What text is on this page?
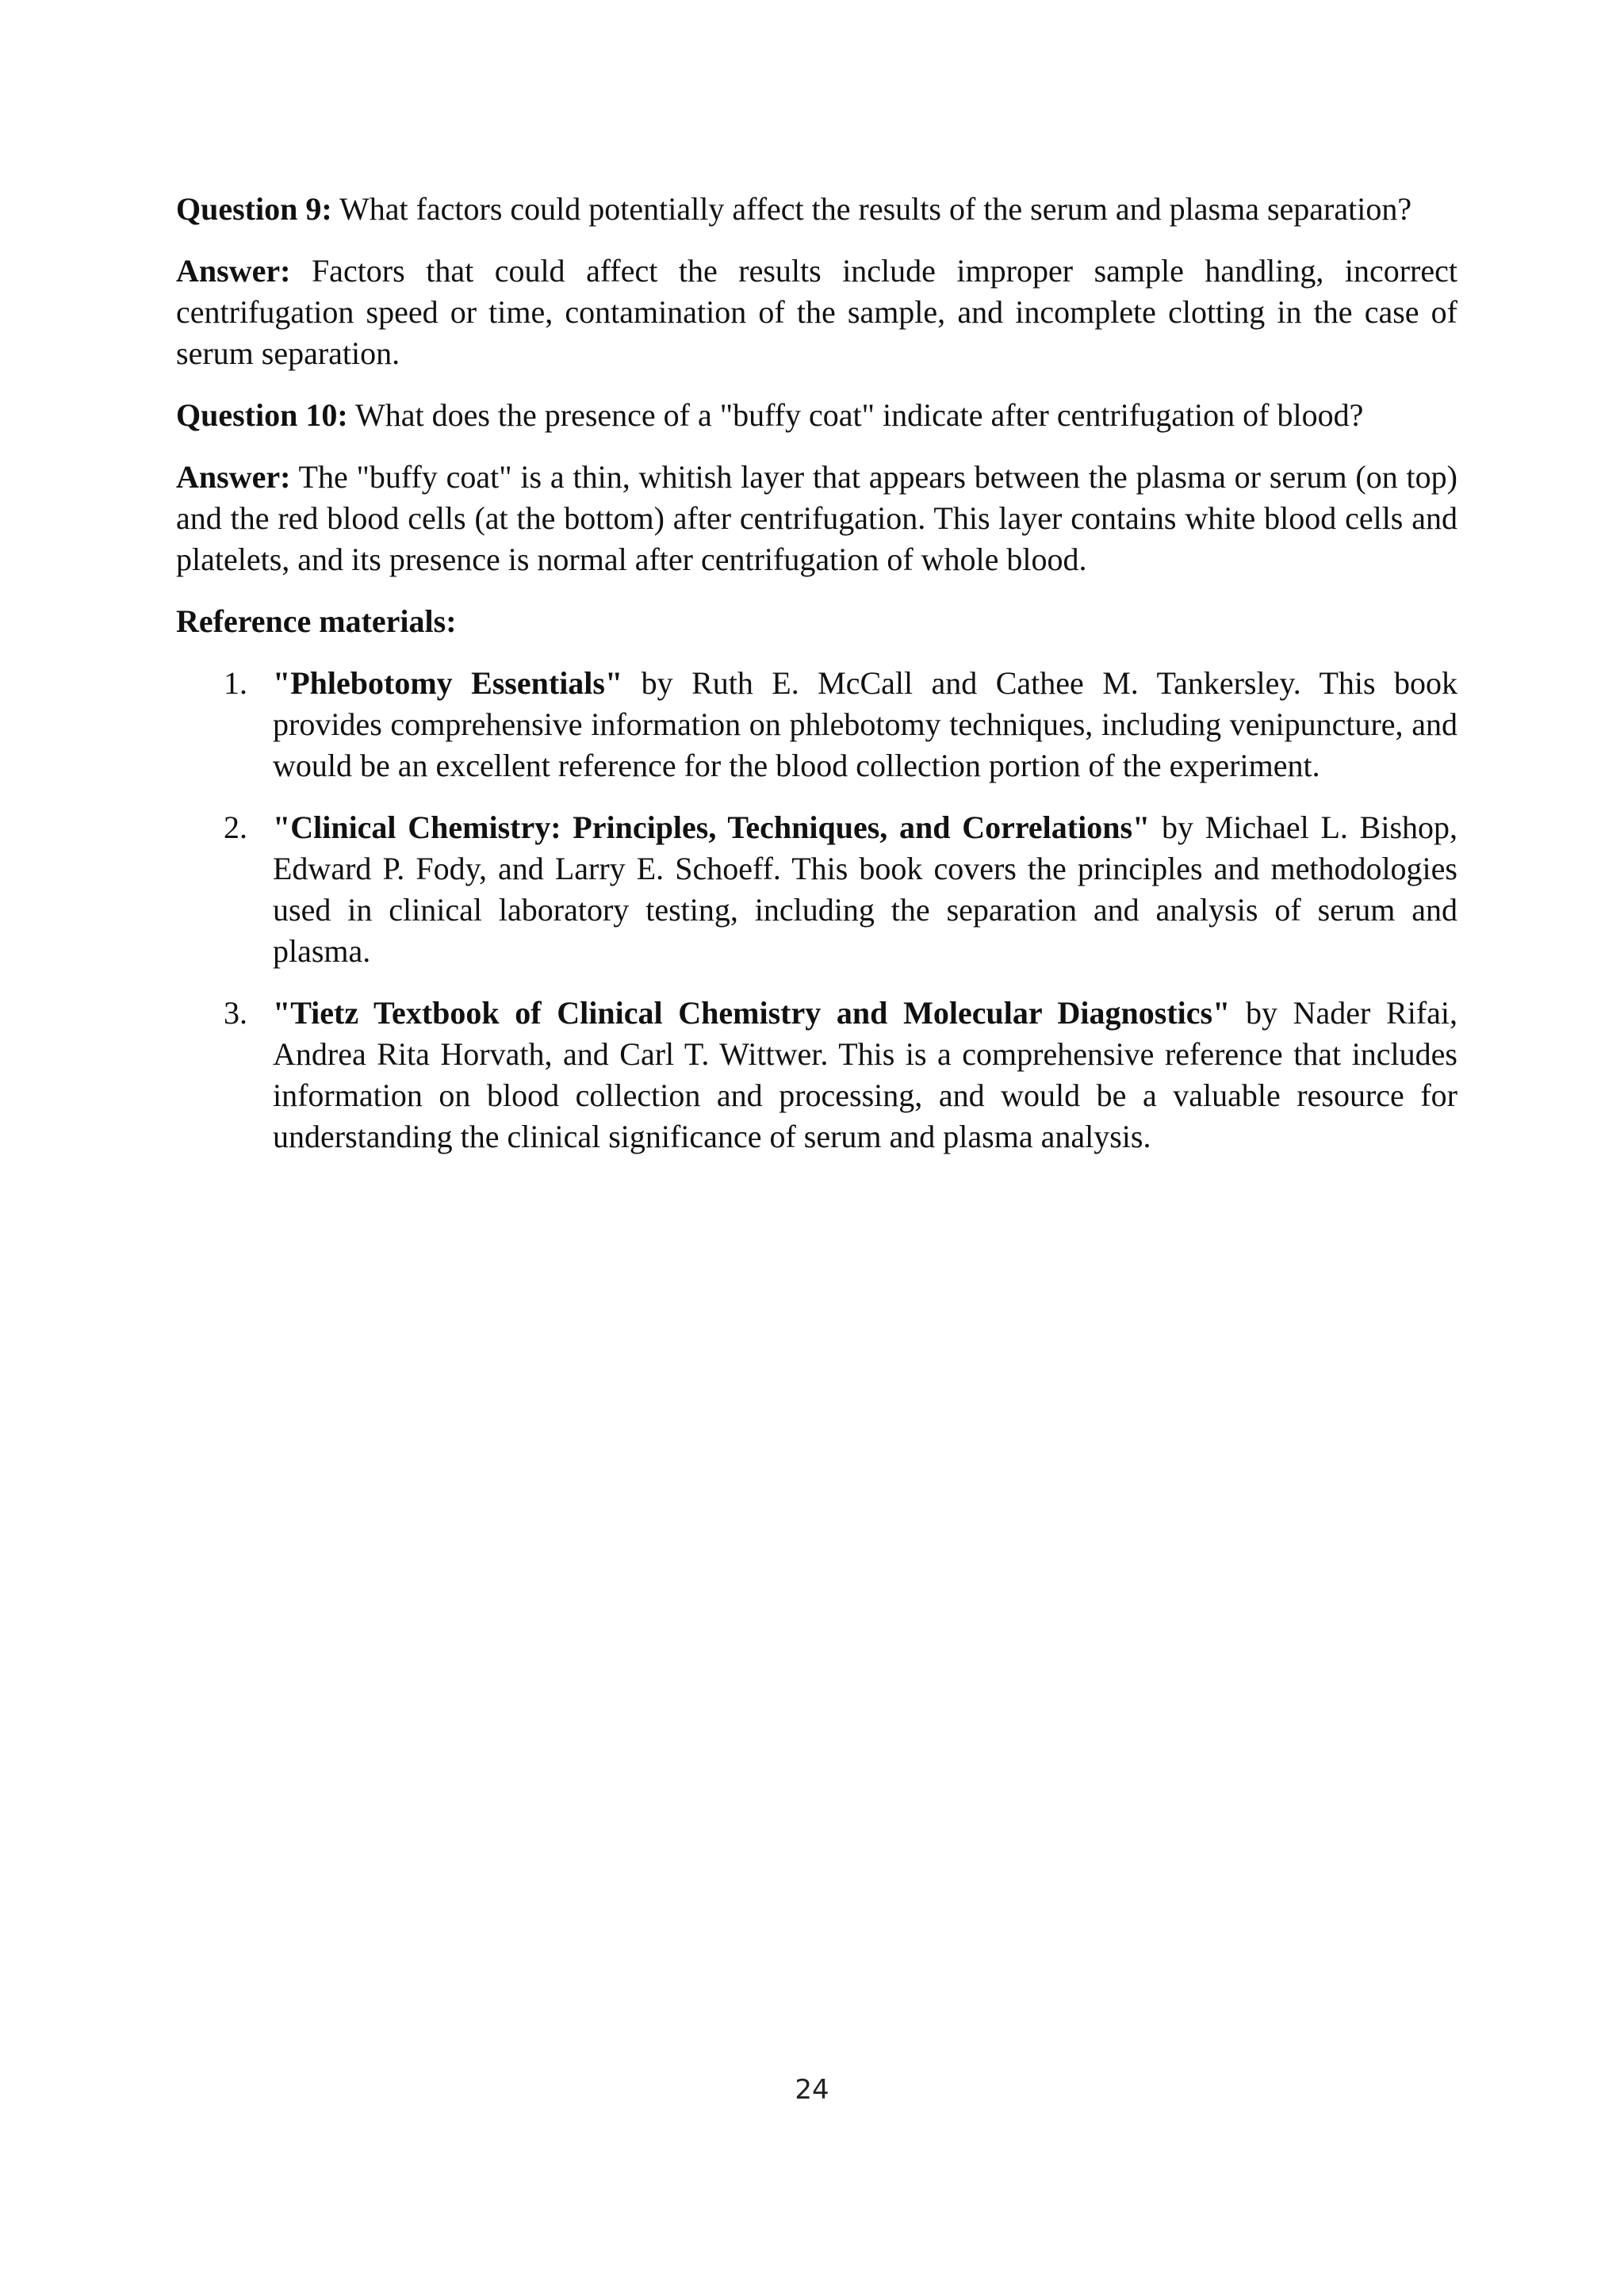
Question 9: What factors could potentially affect the results of the serum and plasma separation?

Answer: Factors that could affect the results include improper sample handling, incorrect centrifugation speed or time, contamination of the sample, and incomplete clotting in the case of serum separation.

Question 10: What does the presence of a "buffy coat" indicate after centrifugation of blood?

Answer: The "buffy coat" is a thin, whitish layer that appears between the plasma or serum (on top) and the red blood cells (at the bottom) after centrifugation. This layer contains white blood cells and platelets, and its presence is normal after centrifugation of whole blood.

Reference materials:

1. "Phlebotomy Essentials" by Ruth E. McCall and Cathee M. Tankersley. This book provides comprehensive information on phlebotomy techniques, including venipuncture, and would be an excellent reference for the blood collection portion of the experiment.
2. "Clinical Chemistry: Principles, Techniques, and Correlations" by Michael L. Bishop, Edward P. Fody, and Larry E. Schoeff. This book covers the principles and methodologies used in clinical laboratory testing, including the separation and analysis of serum and plasma.
3. "Tietz Textbook of Clinical Chemistry and Molecular Diagnostics" by Nader Rifai, Andrea Rita Horvath, and Carl T. Wittwer. This is a comprehensive reference that includes information on blood collection and processing, and would be a valuable resource for understanding the clinical significance of serum and plasma analysis.
24
